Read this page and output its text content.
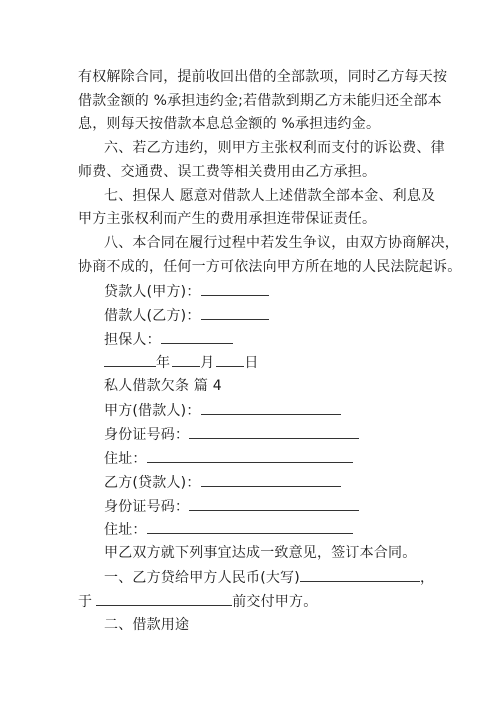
有权解除合同，提前收回出借的全部款项，同时乙方每天按
借款金额的 %承担违约金;若借款到期乙方未能归还全部本
息，则每天按借款本息总金额的 %承担违约金。
六、若乙方违约，则甲方主张权利而支付的诉讼费、律
师费、交通费、误工费等相关费用由乙方承担。
七、担保人 愿意对借款人上述借款全部本金、利息及
甲方主张权利而产生的费用承担连带保证责任。
八、本合同在履行过程中若发生争议，由双方协商解决，
协商不成的，任何一方可依法向甲方所在地的人民法院起诉。
贷款人(甲方)：
借款人(乙方)：
担保人：
年 月 日
私人借款欠条 篇 4
甲方(借款人)：
身份证号码：
住址：
乙方(贷款人)：
身份证号码：
住址：
甲乙双方就下列事宜达成一致意见，签订本合同。
一、乙方贷给甲方人民币(大写)	，
于	前交付甲方。
二、借款用途
